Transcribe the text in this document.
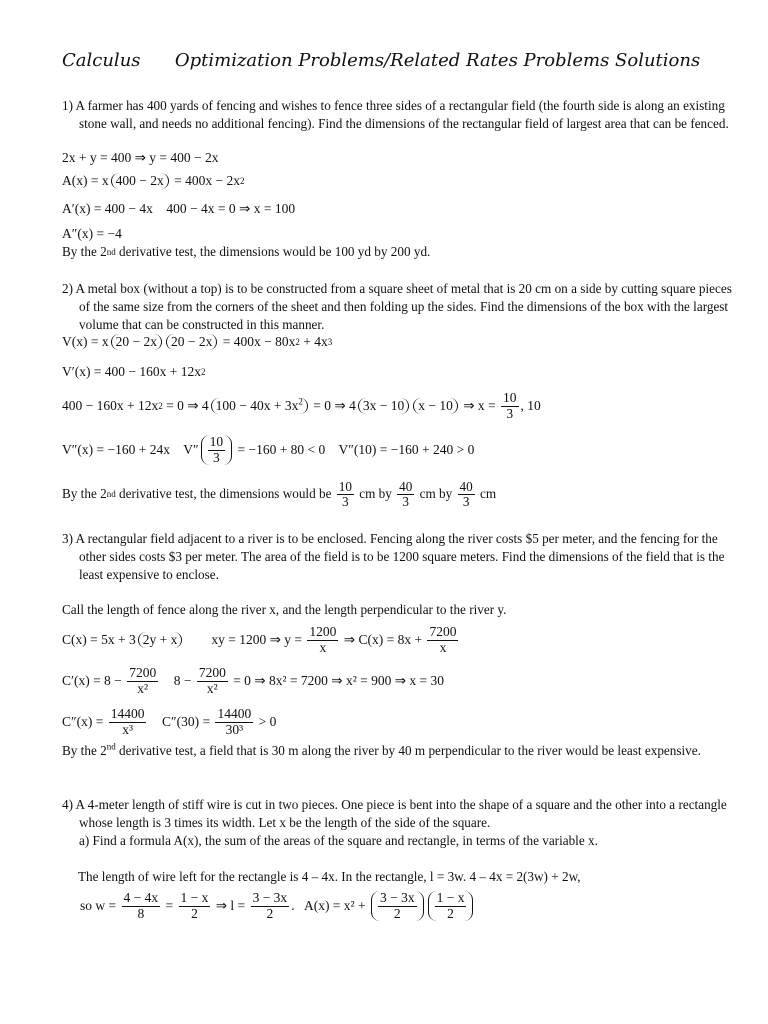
Calculus      Optimization Problems/Related Rates Problems Solutions

1) A farmer has 400 yards of fencing and wishes to fence three sides of a rectangular field (the fourth side is along an existing stone wall, and needs no additional fencing). Find the dimensions of the rectangular field of largest area that can be fenced.

2x + y = 400 ⇒ y = 400 − 2x
A(x) = x 400 − 2x = 400x − 2x 2
A′(x) = 400 − 4x    400 − 4x = 0 ⇒ x = 100
A″(x) = −4
By the 2 nd derivative test, the dimensions would be 100 yd by 200 yd.

2) A metal box (without a top) is to be constructed from a square sheet of metal that is 20 cm on a side by cutting square pieces of the same size from the corners of the sheet and then folding up the sides. Find the dimensions of the box with the largest volume that can be constructed in this manner.

V(x) = x 20 − 2x	20 − 2x = 400x − 80x 2 + 4x 3
V′(x) = 400 − 160x + 12x 2
400 − 160x + 12x 2 = 0 ⇒ 4 $100 - 40x + 3x^2 = 0$ ⇒ 4 3x − 10	x − 10 ⇒ $x = \frac{10}{3}$ , 10
V″(x) = −160 + 24x    $V'' \frac{10}{3} = -160 + 80 < 0$    V″(10) = −160 + 240 > 0
By the 2 nd derivative test, the dimensions would be $\frac{10}{3}$ cm by $\frac{40}{3}$ cm by $\frac{40}{3}$ cm

3) A rectangular field adjacent to a river is to be enclosed. Fencing along the river costs $5 per meter, and the fencing for the other sides costs $3 per meter. The area of the field is to be 1200 square meters. Find the dimensions of the field that is the least expensive to enclose.

Call the length of fence along the river x, and the length perpendicular to the river y.

C(x) = 5x + 3 2y + x xy = 1200 ⇒ $y = \frac{1200}{x}$ ⇒ $C(x) = 8x + \frac{7200}{x}$
$C'(x) = 8 - \frac{7200}{\text{x²}} 8 - \frac{7200}{\text{x²}} = 0$ ⇒ 8x² = 7200 ⇒ x² = 900 ⇒ x = 30
$C''(x) = \frac{14400}{\text{x³}} C''(30) = \frac{14400}{\text{30³}} > 0$

By the 2nd derivative test, a field that is 30 m along the river by 40 m perpendicular to the river would be least expensive.

4) A 4-meter length of stiff wire is cut in two pieces. One piece is bent into the shape of a square and the other into a rectangle whose length is 3 times its width. Let x be the length of the side of the square.

a) Find a formula A(x), the sum of the areas of the square and rectangle, in terms of the variable x.

The length of wire left for the rectangle is 4 – 4x. In the rectangle, l = 3w. 4 – 4x = 2(3w) + 2w,

so $w = \frac{4 - 4x}{8} = \frac{1 - x}{2}$ ⇒ $l = \frac{3 - 3x}{2}$ .   $A(x) = x^2 + \frac{3 - 3x}{2} \frac{1 - x}{2}$
